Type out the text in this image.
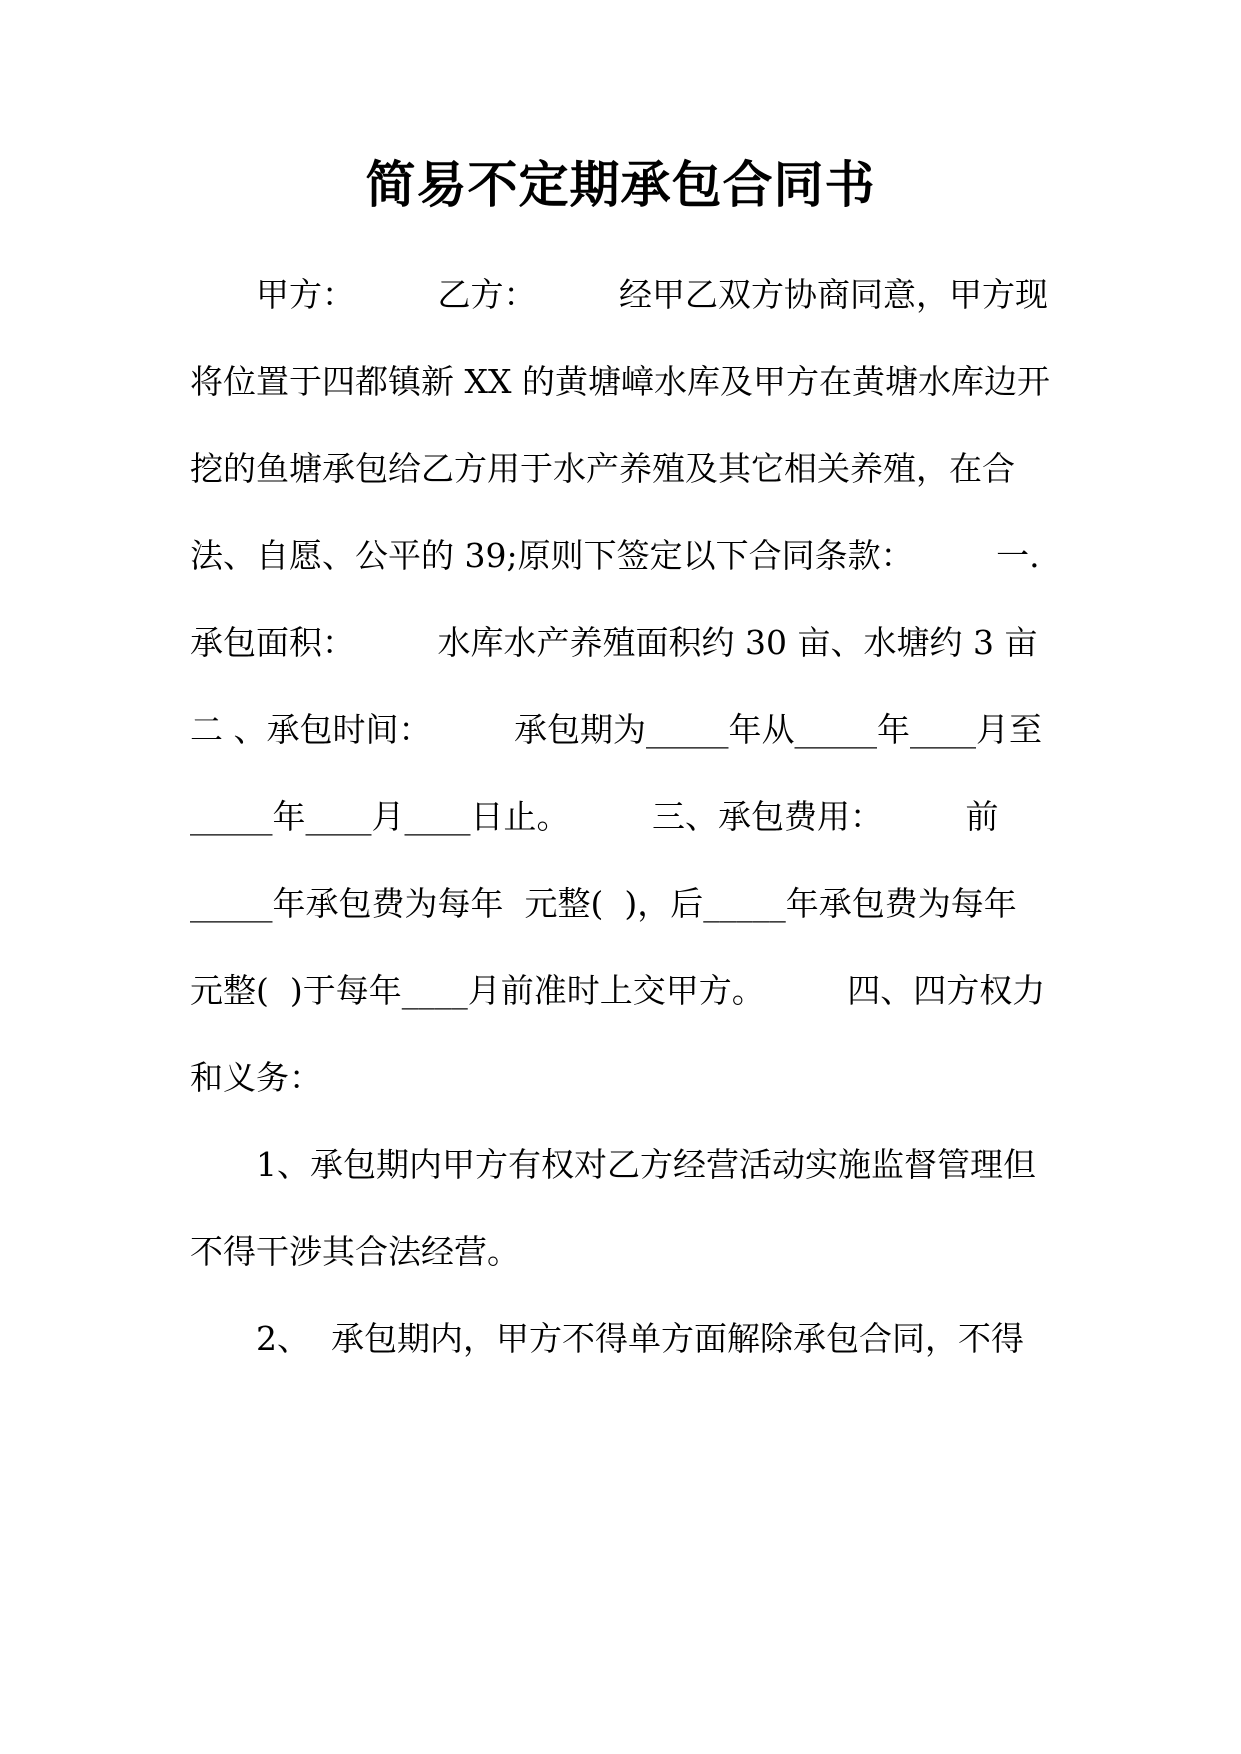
简易不定期承包合同书

　　甲方：　　　乙方：　　　经甲乙双方协商同意，甲方现

将位置于四都镇新 XX 的黄塘嶂水库及甲方在黄塘水库边开

挖的鱼塘承包给乙方用于水产养殖及其它相关养殖，在合

法、自愿、公平的 39;原则下签定以下合同条款：　　　一.

承包面积：　　　水库水产养殖面积约 30 亩、水塘约 3 亩

二 、承包时间：　　　承包期为_____年从_____年____月至

_____年____月____日止。　　　三、承包费用：　　　前

_____年承包费为每年  元整(  )，后_____年承包费为每年

元整(  )于每年____月前准时上交甲方。　　　四、四方权力

和义务：

　　1、承包期内甲方有权对乙方经营活动实施监督管理但

不得干涉其合法经营。

　　2、  承包期内，甲方不得单方面解除承包合同，不得
